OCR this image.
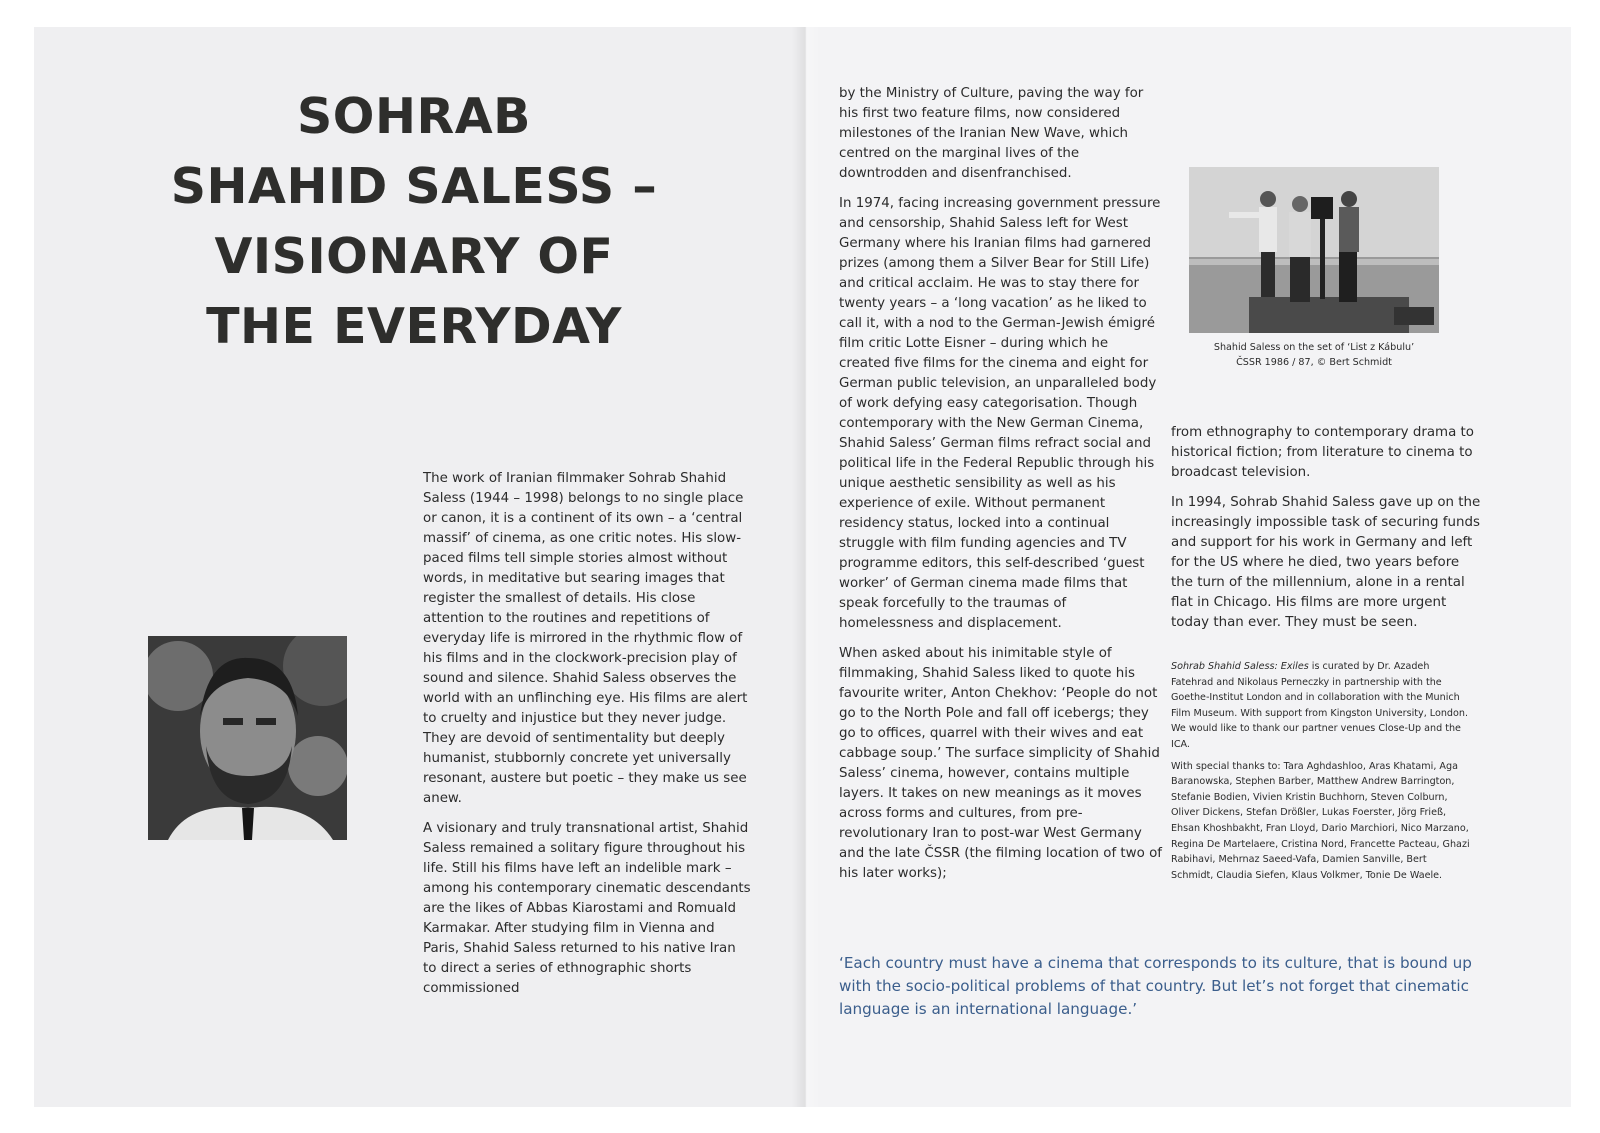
SOHRAB
SHAHID SALESS –
VISIONARY OF
THE EVERYDAY

The work of Iranian filmmaker Sohrab Shahid Saless (1944 – 1998) belongs to no single place or canon, it is a continent of its own – a ‘central massif’ of cinema, as one critic notes. His slow-paced films tell simple stories almost without words, in meditative but searing images that register the smallest of details. His close attention to the routines and repetitions of everyday life is mirrored in the rhythmic flow of his films and in the clockwork-precision play of sound and silence. Shahid Saless observes the world with an unflinching eye. His films are alert to cruelty and injustice but they never judge. They are devoid of sentimentality but deeply humanist, stubbornly concrete yet universally resonant, austere but poetic – they make us see anew.

A visionary and truly transnational artist, Shahid Saless remained a solitary figure throughout his life. Still his films have left an indelible mark – among his contemporary cinematic descendants are the likes of Abbas Kiarostami and Romuald Karmakar. After studying film in Vienna and Paris, Shahid Saless returned to his native Iran to direct a series of ethnographic shorts commissioned

by the Ministry of Culture, paving the way for his first two feature films, now considered milestones of the Iranian New Wave, which centred on the marginal lives of the downtrodden and disenfranchised.

In 1974, facing increasing government pressure and censorship, Shahid Saless left for West Germany where his Iranian films had garnered prizes (among them a Silver Bear for Still Life) and critical acclaim. He was to stay there for twenty years – a ‘long vacation’ as he liked to call it, with a nod to the German-Jewish émigré film critic Lotte Eisner – during which he created five films for the cinema and eight for German public television, an unparalleled body of work defying easy categorisation. Though contemporary with the New German Cinema, Shahid Saless’ German films refract social and political life in the Federal Republic through his unique aesthetic sensibility as well as his experience of exile. Without permanent residency status, locked into a continual struggle with film funding agencies and TV programme editors, this self-described ‘guest worker’ of German cinema made films that speak forcefully to the traumas of homelessness and displacement.

When asked about his inimitable style of filmmaking, Shahid Saless liked to quote his favourite writer, Anton Chekhov: ‘People do not go to the North Pole and fall off icebergs; they go to offices, quarrel with their wives and eat cabbage soup.’ The surface simplicity of Shahid Saless’ cinema, however, contains multiple layers. It takes on new meanings as it moves across forms and cultures, from pre-revolutionary Iran to post-war West Germany and the late ČSSR (the filming location of two of his later works);

Shahid Saless on the set of ‘List z Kábulu’
ČSSR 1986 / 87, © Bert Schmidt

from ethnography to contemporary drama to historical fiction; from literature to cinema to broadcast television.

In 1994, Sohrab Shahid Saless gave up on the increasingly impossible task of securing funds and support for his work in Germany and left for the US where he died, two years before the turn of the millennium, alone in a rental flat in Chicago. His films are more urgent today than ever. They must be seen.

Sohrab Shahid Saless: Exiles is curated by Dr. Azadeh Fatehrad and Nikolaus Perneczky in partnership with the Goethe-Institut London and in collaboration with the Munich Film Museum. With support from Kingston University, London. We would like to thank our partner venues Close-Up and the ICA.

With special thanks to: Tara Aghdashloo, Aras Khatami, Aga Baranowska, Stephen Barber, Matthew Andrew Barrington, Stefanie Bodien, Vivien Kristin Buchhorn, Steven Colburn, Oliver Dickens, Stefan Drößler, Lukas Foerster, Jörg Frieß, Ehsan Khoshbakht, Fran Lloyd, Dario Marchiori, Nico Marzano, Regina De Martelaere, Cristina Nord, Francette Pacteau, Ghazi Rabihavi, Mehrnaz Saeed-Vafa, Damien Sanville, Bert Schmidt, Claudia Siefen, Klaus Volkmer, Tonie De Waele.

‘Each country must have a cinema that corresponds to its culture, that is bound up with the socio-political problems of that country. But let’s not forget that cinematic language is an international language.’
